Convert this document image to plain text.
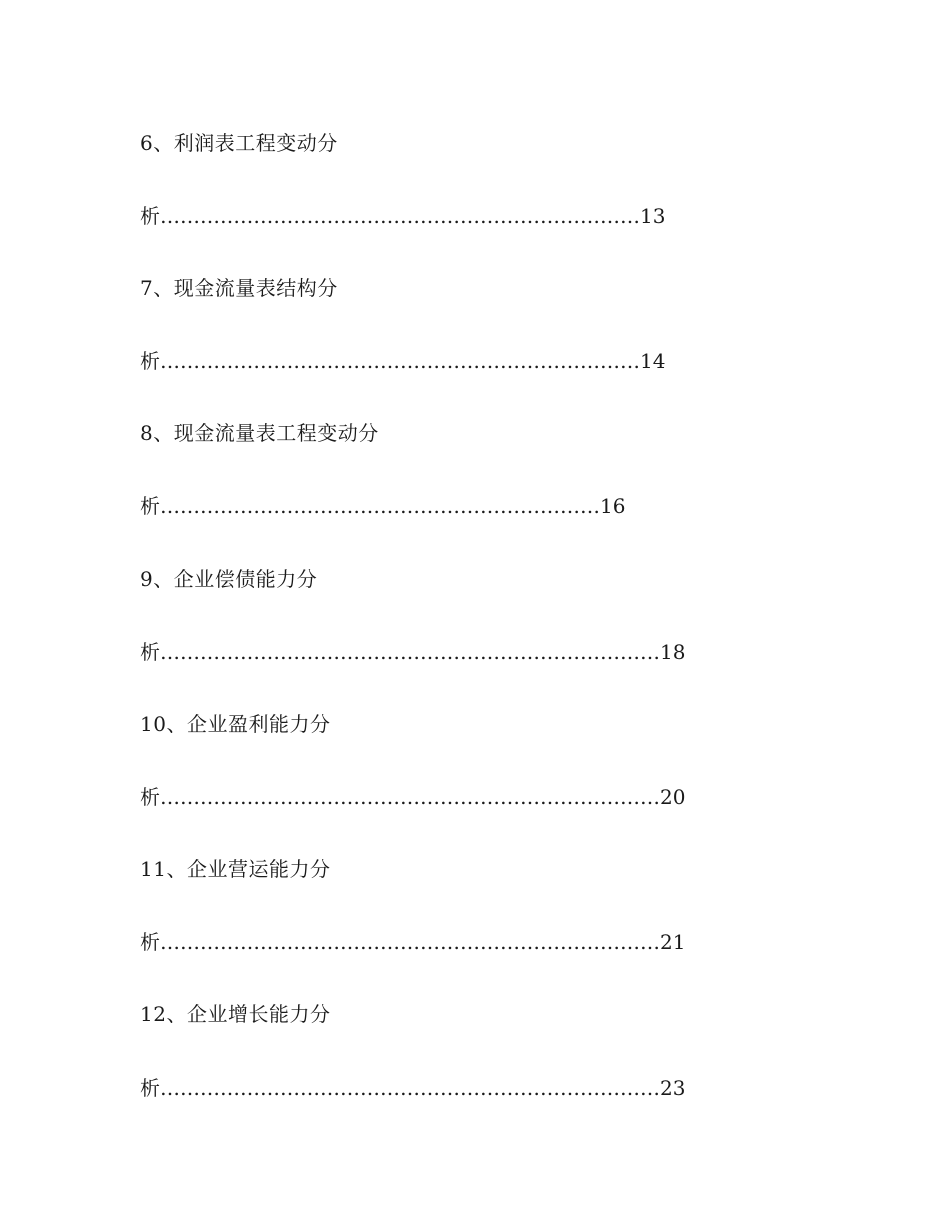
6、利润表工程变动分
析………………………………………………………………13
7、现金流量表结构分
析………………………………………………………………14
8、现金流量表工程变动分
析…………………………………………………………16
9、企业偿债能力分
析…………………………………………………………………18
10、企业盈利能力分
析…………………………………………………………………20
11、企业营运能力分
析…………………………………………………………………21
12、企业增长能力分
析…………………………………………………………………23
